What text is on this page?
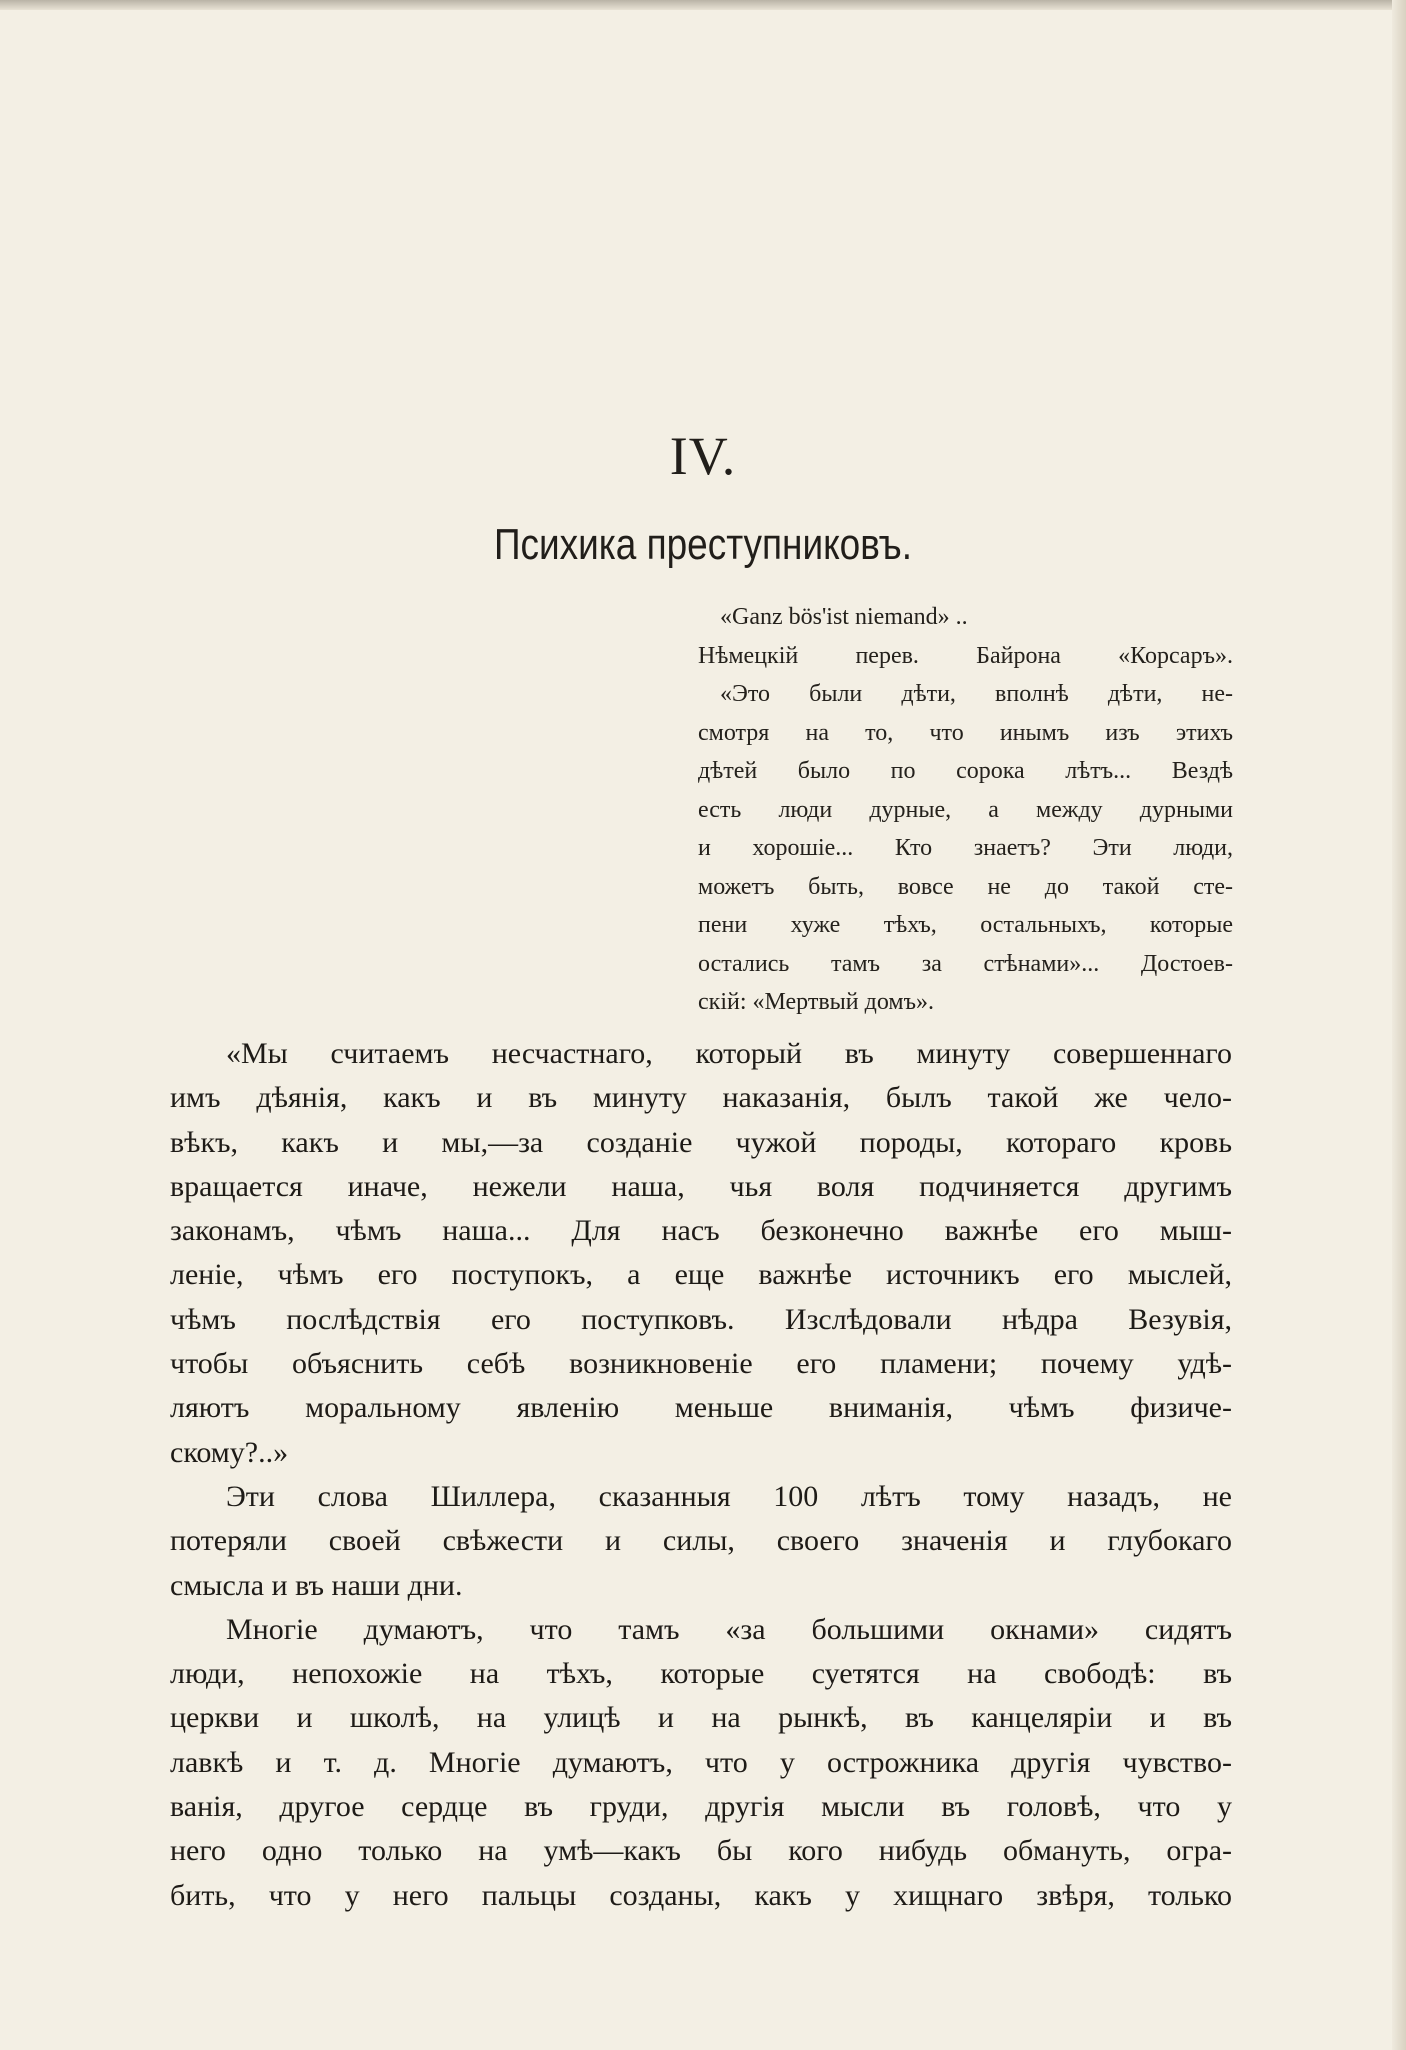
IV.
Психика преступниковъ.
«Ganz bös'ist niemand» ..
Нѣмецкій перев. Байрона «Корсаръ».
«Это были дѣти, вполнѣ дѣти, не-
смотря на то, что инымъ изъ этихъ
дѣтей было по сорока лѣтъ... Вездѣ
есть люди дурные, а между дурными
и хорошіе... Кто знаетъ? Эти люди,
можетъ быть, вовсе не до такой сте-
пени хуже тѣхъ, остальныхъ, которые
остались тамъ за стѣнами»... Достоев-
скій: «Мертвый домъ».
«Мы считаемъ несчастнаго, который въ минуту совершеннаго
имъ дѣянія, какъ и въ минуту наказанія, былъ такой же чело-
вѣкъ, какъ и мы,—за созданіе чужой породы, котораго кровь
вращается иначе, нежели наша, чья воля подчиняется другимъ
законамъ, чѣмъ наша... Для насъ безконечно важнѣе его мыш-
леніе, чѣмъ его поступокъ, а еще важнѣе источникъ его мыслей,
чѣмъ послѣдствія его поступковъ. Изслѣдовали нѣдра Везувія,
чтобы объяснить себѣ возникновеніе его пламени; почему удѣ-
ляютъ моральному явленію меньше вниманія, чѣмъ физиче-
скому?..»
Эти слова Шиллера, сказанныя 100 лѣтъ тому назадъ, не
потеряли своей свѣжести и силы, своего значенія и глубокаго
смысла и въ наши дни.
Многіе думаютъ, что тамъ «за большими окнами» сидятъ
люди, непохожіе на тѣхъ, которые суетятся на свободѣ: въ
церкви и школѣ, на улицѣ и на рынкѣ, въ канцеляріи и въ
лавкѣ и т. д. Многіе думаютъ, что у острожника другія чувство-
ванія, другое сердце въ груди, другія мысли въ головѣ, что у
него одно только на умѣ—какъ бы кого нибудь обмануть, огра-
бить, что у него пальцы созданы, какъ у хищнаго звѣря, только
